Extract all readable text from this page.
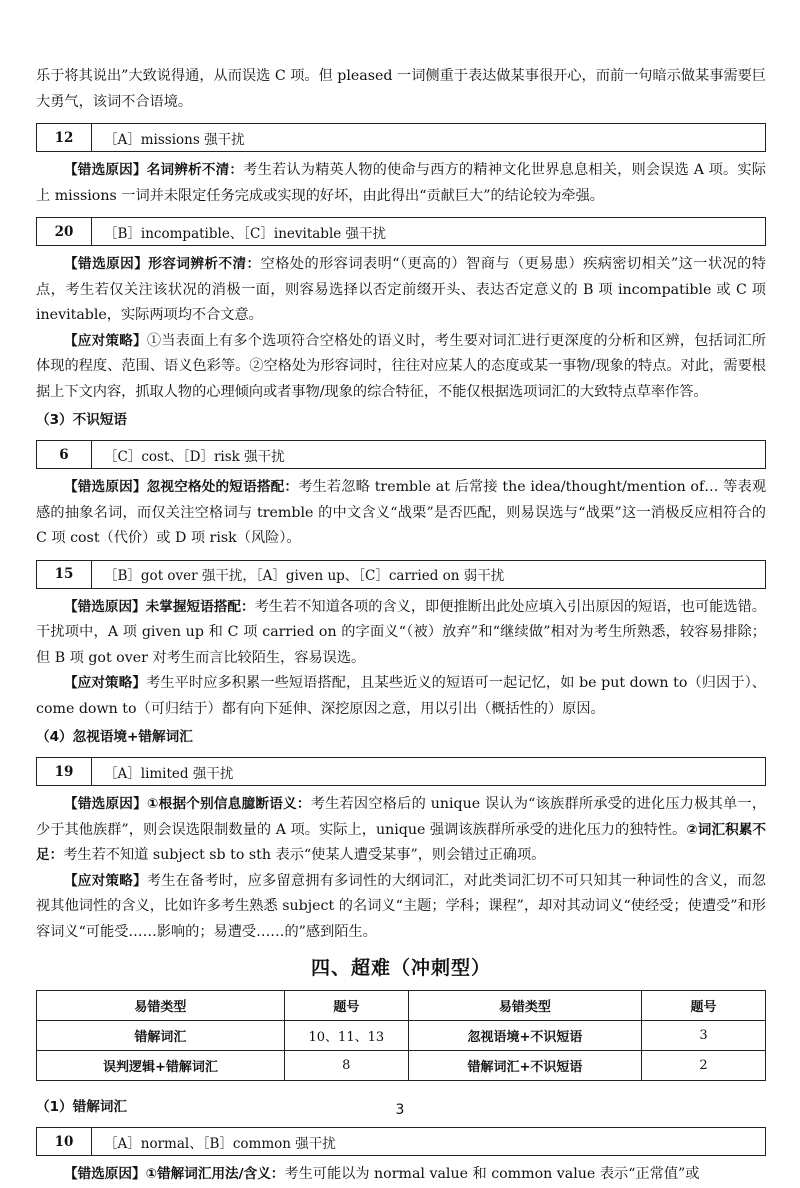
乐于将其说出”大致说得通，从而误选 C 项。但 pleased 一词侧重于表达做某事很开心，而前一句暗示做某事需要巨大勇气，该词不合语境。

12	［A］missions 强干扰

【错选原因】名词辨析不清：考生若认为精英人物的使命与西方的精神文化世界息息相关，则会误选 A 项。实际上 missions 一词并未限定任务完成或实现的好坏，由此得出“贡献巨大”的结论较为牵强。

20	［B］incompatible、［C］inevitable 强干扰

【错选原因】形容词辨析不清：空格处的形容词表明“（更高的）智商与（更易患）疾病密切相关”这一状况的特点，考生若仅关注该状况的消极一面，则容易选择以否定前缀开头、表达否定意义的 B 项 incompatible 或 C 项 inevitable，实际两项均不合文意。

【应对策略】①当表面上有多个选项符合空格处的语义时，考生要对词汇进行更深度的分析和区辨，包括词汇所体现的程度、范围、语义色彩等。②空格处为形容词时，往往对应某人的态度或某一事物/现象的特点。对此，需要根据上下文内容，抓取人物的心理倾向或者事物/现象的综合特征，不能仅根据选项词汇的大致特点草率作答。

（3）不识短语
6	［C］cost、［D］risk 强干扰

【错选原因】忽视空格处的短语搭配：考生若忽略 tremble at 后常接 the idea/thought/mention of… 等表观感的抽象名词，而仅关注空格词与 tremble 的中文含义“战栗”是否匹配，则易误选与“战栗”这一消极反应相符合的 C 项 cost（代价）或 D 项 risk（风险）。

15	［B］got over 强干扰，［A］given up、［C］carried on 弱干扰

【错选原因】未掌握短语搭配：考生若不知道各项的含义，即便推断出此处应填入引出原因的短语，也可能选错。干扰项中，A 项 given up 和 C 项 carried on 的字面义“（被）放弃”和“继续做”相对为考生所熟悉，较容易排除；但 B 项 got over 对考生而言比较陌生，容易误选。

【应对策略】考生平时应多积累一些短语搭配，且某些近义的短语可一起记忆，如 be put down to（归因于）、come down to（可归结于）都有向下延伸、深挖原因之意，用以引出（概括性的）原因。

（4）忽视语境+错解词汇
19	［A］limited 强干扰

【错选原因】①根据个别信息臆断语义：考生若因空格后的 unique 误认为“该族群所承受的进化压力极其单一，少于其他族群”，则会误选限制数量的 A 项。实际上，unique 强调该族群所承受的进化压力的独特性。②词汇积累不足：考生若不知道 subject sb to sth 表示“使某人遭受某事”，则会错过正确项。

【应对策略】考生在备考时，应多留意拥有多词性的大纲词汇，对此类词汇切不可只知其一种词性的含义，而忽视其他词性的含义，比如许多考生熟悉 subject 的名词义“主题；学科；课程”，却对其动词义“使经受；使遭受”和形容词义“可能受……影响的；易遭受……的”感到陌生。

四、超难（冲刺型）
易错类型	题号	易错类型	题号
错解词汇	10、11、13	忽视语境+不识短语	3
误判逻辑+错解词汇	8	错解词汇+不识短语	2
（1）错解词汇
10	［A］normal、［B］common 强干扰

【错选原因】①错解词汇用法/含义：考生可能以为 normal value 和 common value 表示“正常值”或

3
